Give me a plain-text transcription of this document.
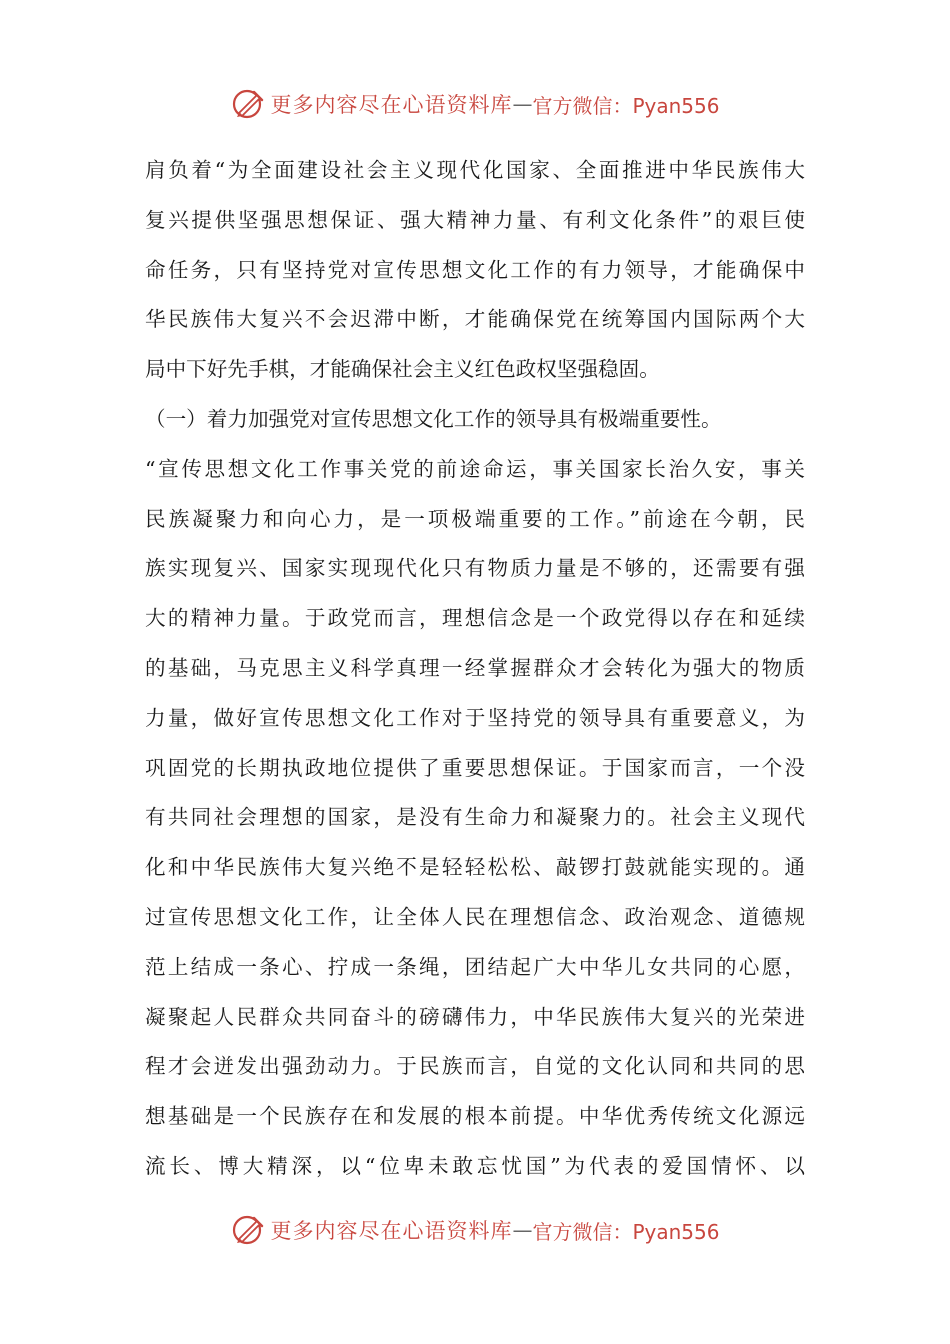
更多内容尽在心语资料库 — 官方微信：Pyan556
肩负着“为全面建设社会主义现代化国家、全面推进中华民族伟大
复兴提供坚强思想保证、强大精神力量、有利文化条件”的艰巨使
命任务，只有坚持党对宣传思想文化工作的有力领导，才能确保中
华民族伟大复兴不会迟滞中断，才能确保党在统筹国内国际两个大
局中下好先手棋，才能确保社会主义红色政权坚强稳固。
（一）着力加强党对宣传思想文化工作的领导具有极端重要性。
“宣传思想文化工作事关党的前途命运，事关国家长治久安，事关
民族凝聚力和向心力，是一项极端重要的工作。”前途在今朝，民
族实现复兴、国家实现现代化只有物质力量是不够的，还需要有强
大的精神力量。于政党而言，理想信念是一个政党得以存在和延续
的基础，马克思主义科学真理一经掌握群众才会转化为强大的物质
力量，做好宣传思想文化工作对于坚持党的领导具有重要意义，为
巩固党的长期执政地位提供了重要思想保证。于国家而言，一个没
有共同社会理想的国家，是没有生命力和凝聚力的。社会主义现代
化和中华民族伟大复兴绝不是轻轻松松、敲锣打鼓就能实现的。通
过宣传思想文化工作，让全体人民在理想信念、政治观念、道德规
范上结成一条心、拧成一条绳，团结起广大中华儿女共同的心愿，
凝聚起人民群众共同奋斗的磅礴伟力，中华民族伟大复兴的光荣进
程才会迸发出强劲动力。于民族而言，自觉的文化认同和共同的思
想基础是一个民族存在和发展的根本前提。中华优秀传统文化源远
流长、博大精深，以“位卑未敢忘忧国”为代表的爱国情怀、以
更多内容尽在心语资料库 — 官方微信：Pyan556
